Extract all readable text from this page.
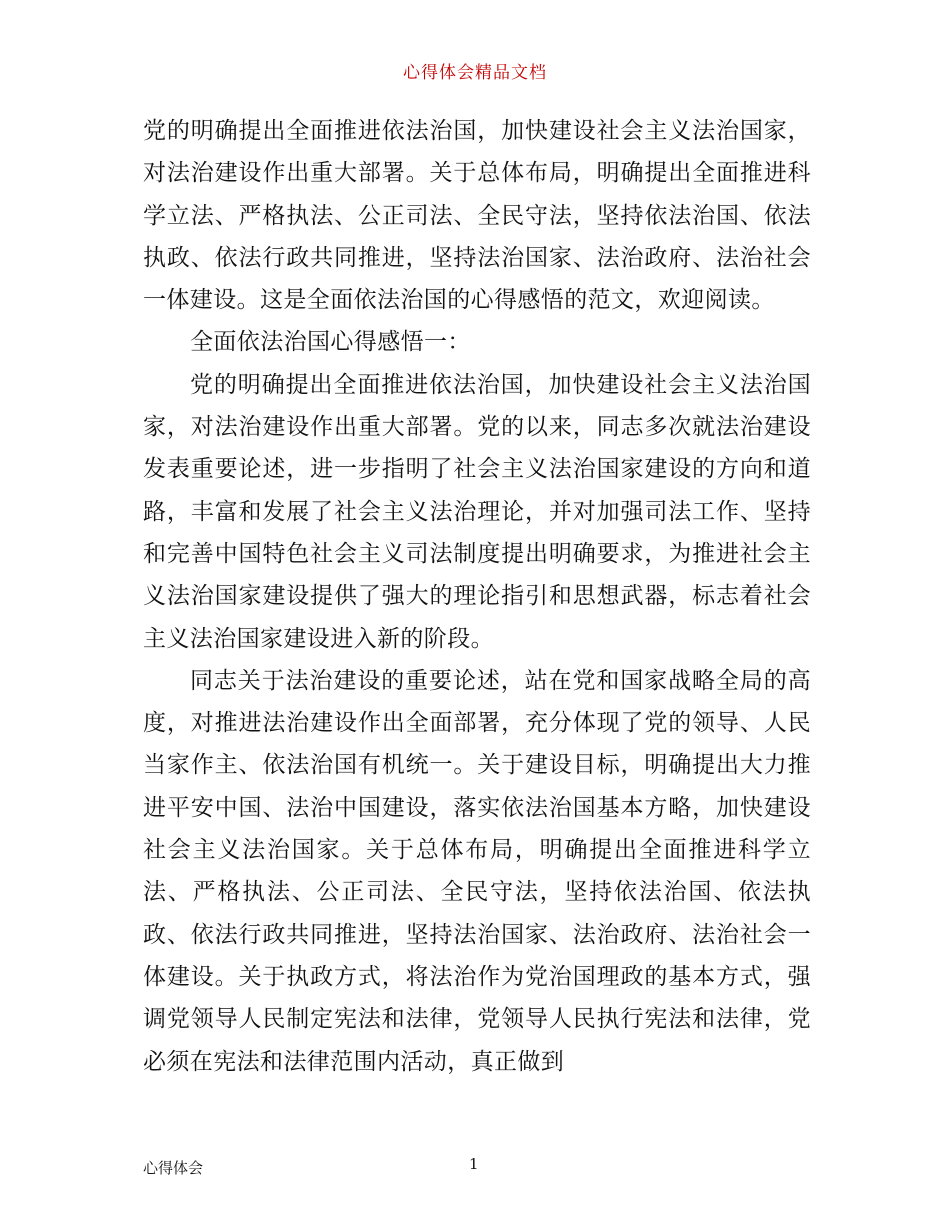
心得体会精品文档

党的明确提出全面推进依法治国，加快建设社会主义法治国家，对法治建设作出重大部署。关于总体布局，明确提出全面推进科学立法、严格执法、公正司法、全民守法，坚持依法治国、依法执政、依法行政共同推进，坚持法治国家、法治政府、法治社会一体建设。这是全面依法治国的心得感悟的范文，欢迎阅读。

全面依法治国心得感悟一：

党的明确提出全面推进依法治国，加快建设社会主义法治国家，对法治建设作出重大部署。党的以来，同志多次就法治建设发表重要论述，进一步指明了社会主义法治国家建设的方向和道路，丰富和发展了社会主义法治理论，并对加强司法工作、坚持和完善中国特色社会主义司法制度提出明确要求，为推进社会主义法治国家建设提供了强大的理论指引和思想武器，标志着社会主义法治国家建设进入新的阶段。

同志关于法治建设的重要论述，站在党和国家战略全局的高度，对推进法治建设作出全面部署，充分体现了党的领导、人民当家作主、依法治国有机统一。关于建设目标，明确提出大力推进平安中国、法治中国建设，落实依法治国基本方略，加快建设社会主义法治国家。关于总体布局，明确提出全面推进科学立法、严格执法、公正司法、全民守法，坚持依法治国、依法执政、依法行政共同推进，坚持法治国家、法治政府、法治社会一体建设。关于执政方式，将法治作为党治国理政的基本方式，强调党领导人民制定宪法和法律，党领导人民执行宪法和法律，党必须在宪法和法律范围内活动，真正做到

心得体会	1
